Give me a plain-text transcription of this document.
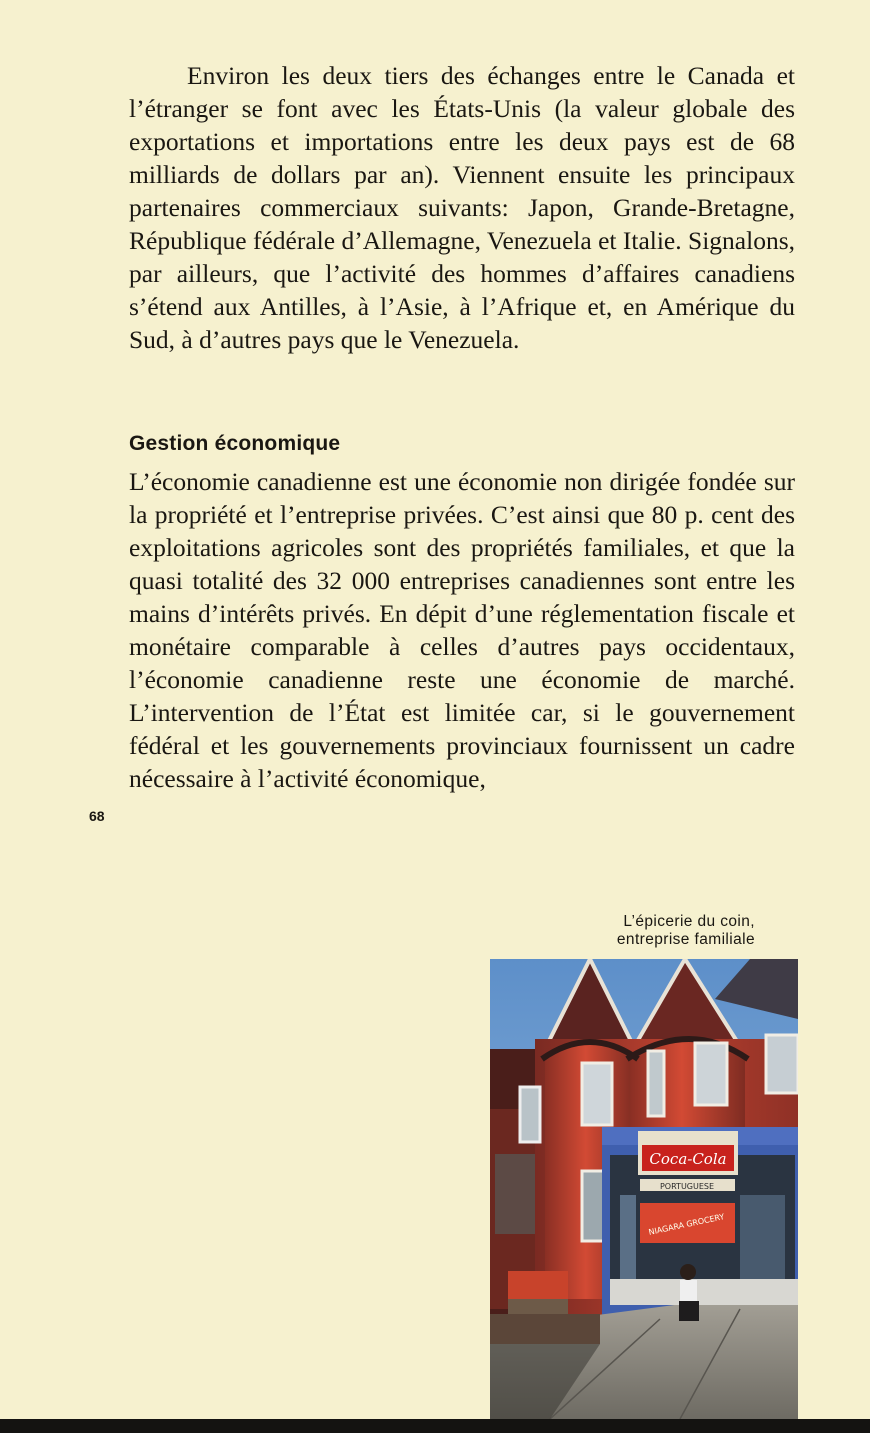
Environ les deux tiers des échanges entre le Canada et l’étranger se font avec les États-Unis (la valeur globale des exportations et importations entre les deux pays est de 68 milliards de dollars par an). Viennent ensuite les principaux partenaires commerciaux suivants: Japon, Grande-Bretagne, République fédérale d’Allemagne, Venezuela et Italie. Signalons, par ailleurs, que l’activité des hommes d’affaires canadiens s’étend aux Antilles, à l’Asie, à l’Afrique et, en Amérique du Sud, à d’autres pays que le Venezuela.

Gestion économique

L’économie canadienne est une économie non dirigée fondée sur la propriété et l’entreprise privées. C’est ainsi que 80 p. cent des exploitations agricoles sont des propriétés familiales, et que la quasi totalité des 32 000 entreprises canadiennes sont entre les mains d’intérêts privés. En dépit d’une réglementation fiscale et monétaire comparable à celles d’autres pays occidentaux, l’économie canadienne reste une économie de marché. L’intervention de l’État est limitée car, si le gouvernement fédéral et les gouvernements provinciaux fournissent un cadre nécessaire à l’activité économique,

68
L’épicerie du coin,
entreprise familiale
Coca-Cola
PORTUGUESE
NIAGARA GROCERY
